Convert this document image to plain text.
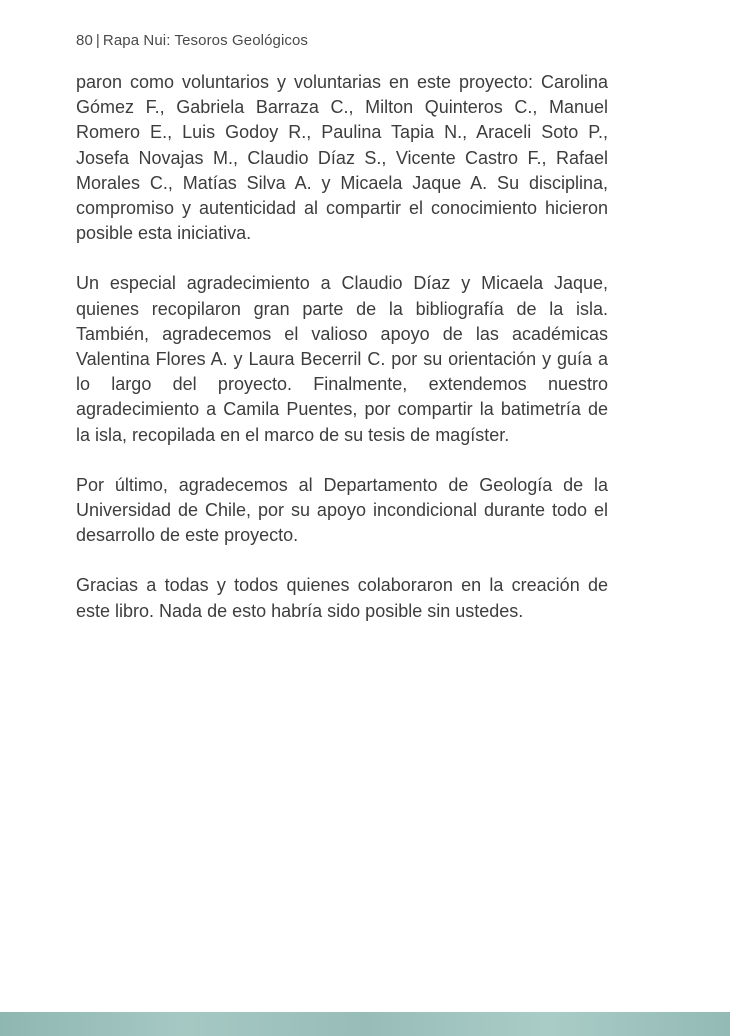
80 | Rapa Nui: Tesoros Geológicos

paron como voluntarios y voluntarias en este proyecto: Carolina Gómez F., Gabriela Barraza C., Milton Quinteros C., Manuel Romero E., Luis Godoy R., Paulina Tapia N., Araceli Soto P., Josefa Novajas M., Claudio Díaz S., Vicente Castro F., Rafael Morales C., Matías Silva A. y Micaela Jaque A. Su disciplina, compromiso y autenticidad al compartir el conocimiento hicieron posible esta iniciativa.

Un especial agradecimiento a Claudio Díaz y Micaela Jaque, quienes recopilaron gran parte de la bibliografía de la isla. También, agradecemos el valioso apoyo de las académicas Valentina Flores A. y Laura Becerril C. por su orientación y guía a lo largo del proyecto. Finalmente, extendemos nuestro agradecimiento a Camila Puentes, por compartir la batimetría de la isla, recopilada en el marco de su tesis de magíster.

Por último, agradecemos al Departamento de Geología de la Universidad de Chile, por su apoyo incondicional durante todo el desarrollo de este proyecto.

Gracias a todas y todos quienes colaboraron en la creación de este libro. Nada de esto habría sido posible sin ustedes.
